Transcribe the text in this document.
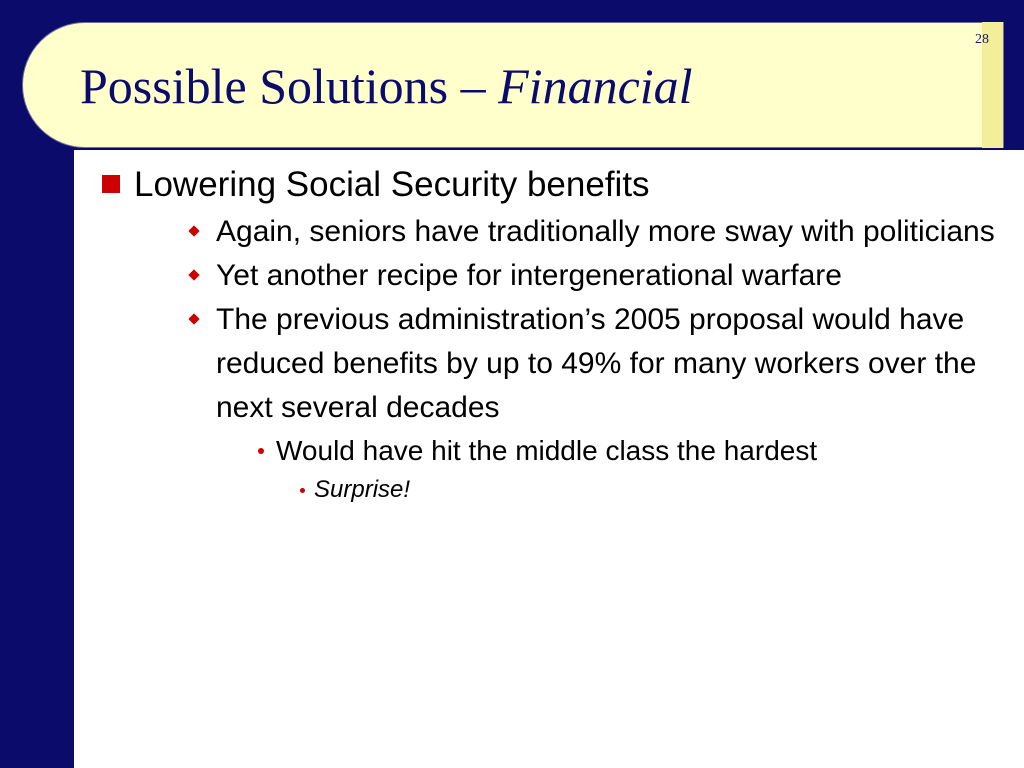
28
Possible Solutions – Financial
Lowering Social Security benefits
Again, seniors have traditionally more sway with politicians
Yet another recipe for intergenerational warfare
The previous administration’s 2005 proposal would have reduced benefits by up to 49% for many workers over the next several decades
Would have hit the middle class the hardest
Surprise!
